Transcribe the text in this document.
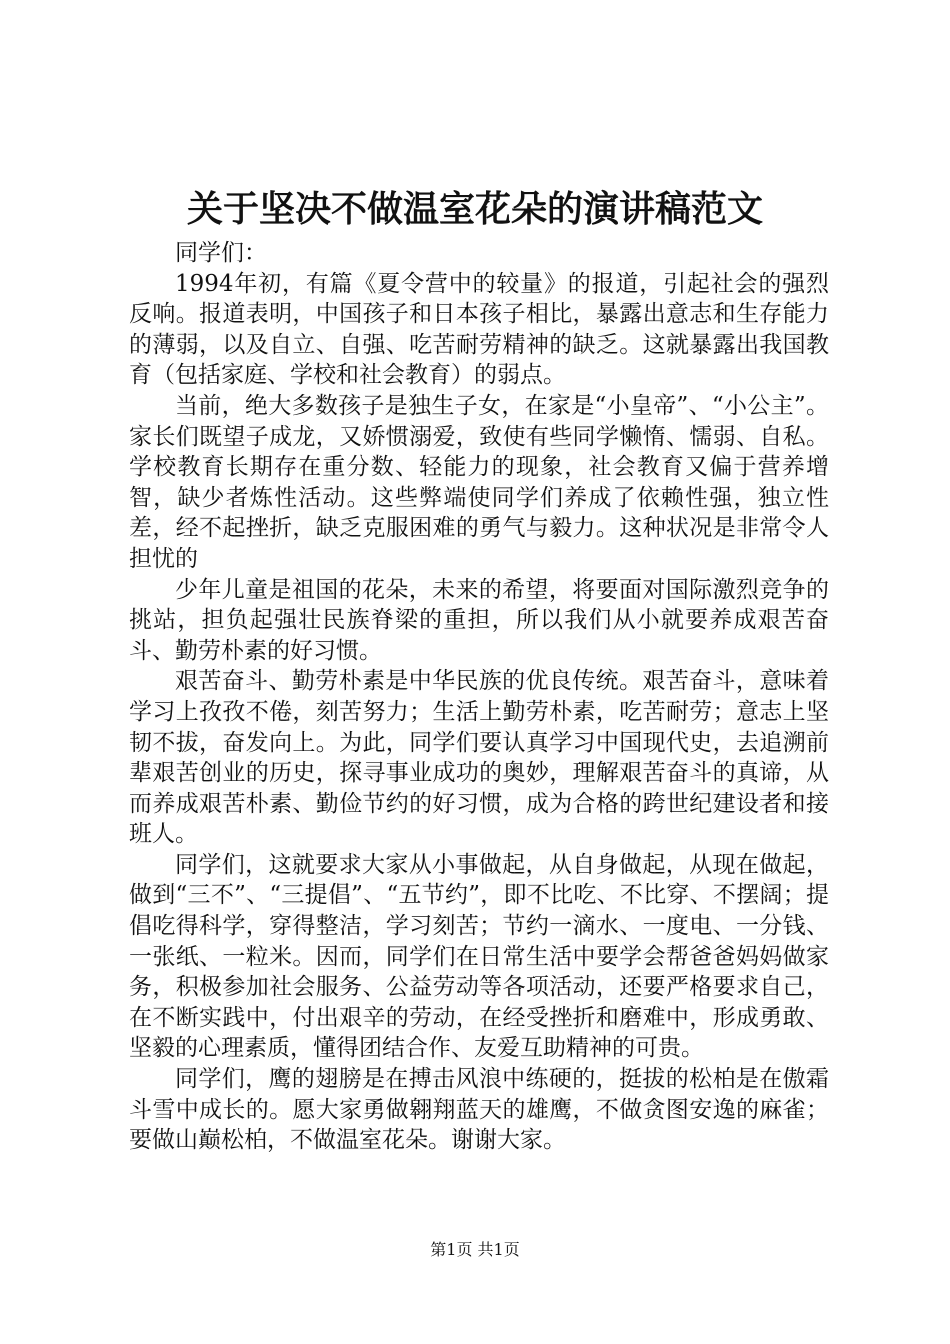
关于坚决不做温室花朵的演讲稿范文

同学们：

1994年初，有篇《夏令营中的较量》的报道，引起社会的强烈反响。报道表明，中国孩子和日本孩子相比，暴露出意志和生存能力的薄弱，以及自立、自强、吃苦耐劳精神的缺乏。这就暴露出我国教育（包括家庭、学校和社会教育）的弱点。

当前，绝大多数孩子是独生子女，在家是“小皇帝”、“小公主”。家长们既望子成龙，又娇惯溺爱，致使有些同学懒惰、懦弱、自私。学校教育长期存在重分数、轻能力的现象，社会教育又偏于营养增智，缺少者炼性活动。这些弊端使同学们养成了依赖性强，独立性差，经不起挫折，缺乏克服困难的勇气与毅力。这种状况是非常令人担忧的

少年儿童是祖国的花朵，未来的希望，将要面对国际激烈竞争的挑站，担负起强壮民族脊梁的重担，所以我们从小就要养成艰苦奋斗、勤劳朴素的好习惯。

艰苦奋斗、勤劳朴素是中华民族的优良传统。艰苦奋斗，意味着学习上孜孜不倦，刻苦努力；生活上勤劳朴素，吃苦耐劳；意志上坚韧不拔，奋发向上。为此，同学们要认真学习中国现代史，去追溯前辈艰苦创业的历史，探寻事业成功的奥妙，理解艰苦奋斗的真谛，从而养成艰苦朴素、勤俭节约的好习惯，成为合格的跨世纪建设者和接班人。

同学们，这就要求大家从小事做起，从自身做起，从现在做起，做到“三不”、“三提倡”、“五节约”，即不比吃、不比穿、不摆阔；提倡吃得科学，穿得整洁，学习刻苦；节约一滴水、一度电、一分钱、一张纸、一粒米。因而，同学们在日常生活中要学会帮爸爸妈妈做家务，积极参加社会服务、公益劳动等各项活动，还要严格要求自己，在不断实践中，付出艰辛的劳动，在经受挫折和磨难中，形成勇敢、坚毅的心理素质，懂得团结合作、友爱互助精神的可贵。

同学们，鹰的翅膀是在搏击风浪中练硬的，挺拔的松柏是在傲霜斗雪中成长的。愿大家勇做翱翔蓝天的雄鹰，不做贪图安逸的麻雀；要做山巅松柏，不做温室花朵。谢谢大家。

第1页 共1页
